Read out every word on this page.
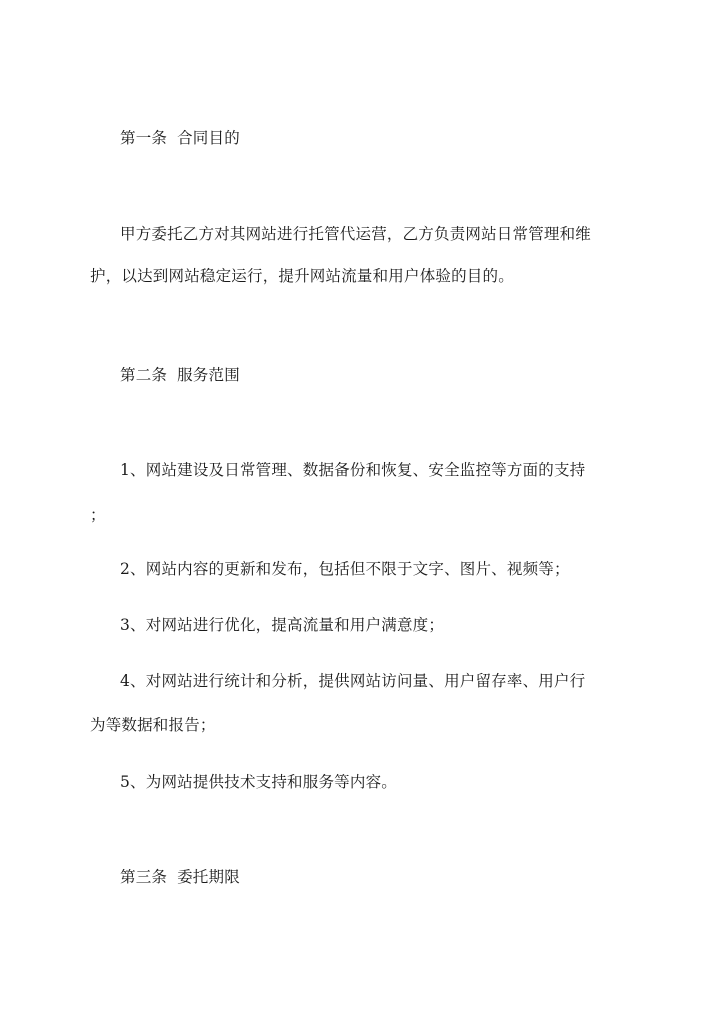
第一条 合同目的
甲方委托乙方对其网站进行托管代运营，乙方负责网站日常管理和维
护，以达到网站稳定运行，提升网站流量和用户体验的目的。
第二条 服务范围
1、网站建设及日常管理、数据备份和恢复、安全监控等方面的支持
；
2、网站内容的更新和发布，包括但不限于文字、图片、视频等；
3、对网站进行优化，提高流量和用户满意度；
4、对网站进行统计和分析，提供网站访问量、用户留存率、用户行
为等数据和报告；
5、为网站提供技术支持和服务等内容。
第三条 委托期限
